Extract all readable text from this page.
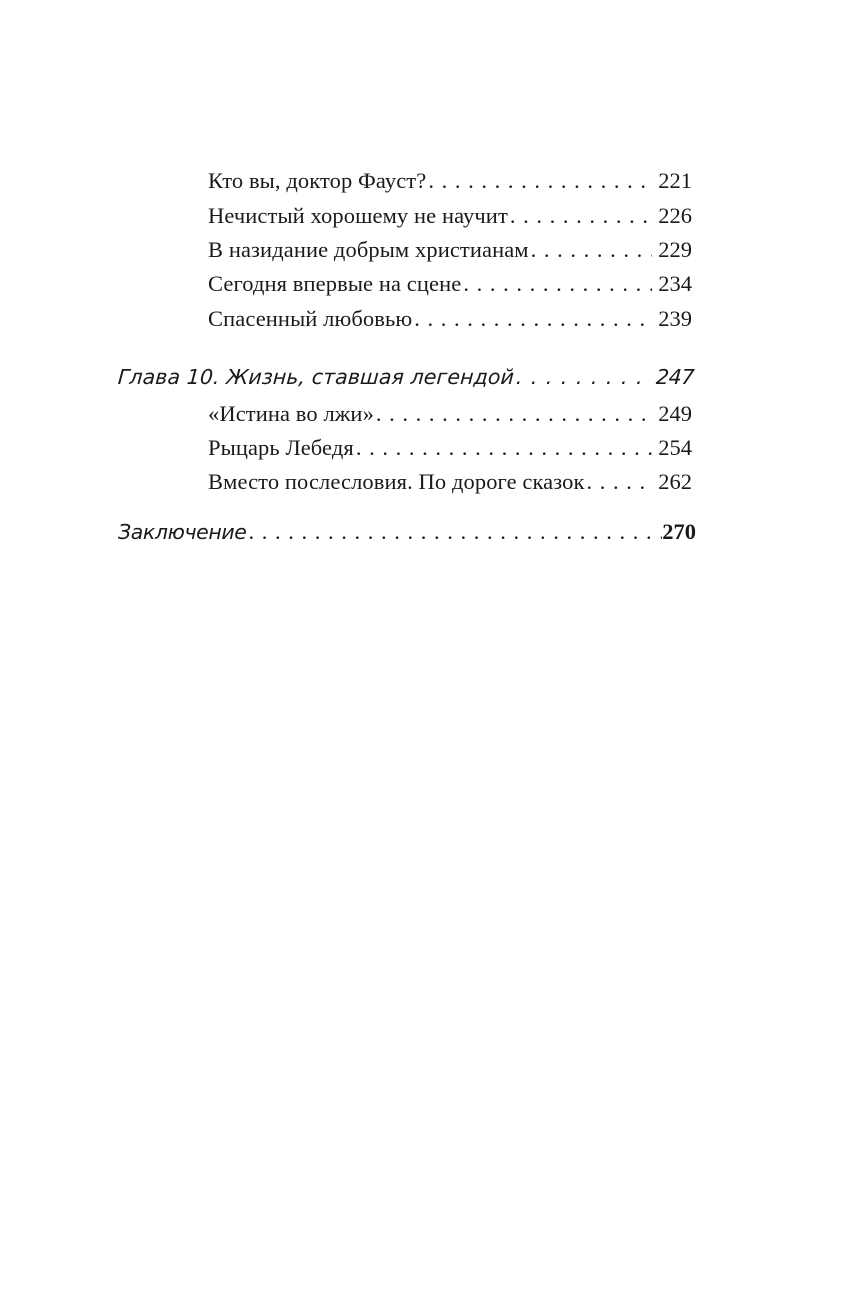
Кто вы, доктор Фауст? . . .	221
Нечистый хорошему не научит . . .	226
В назидание добрым христианам . . .	229
Сегодня впервые на сцене . . .	234
Спасенный любовью . . .	239
Глава 10. Жизнь, ставшая легендой . . .	247
«Истина во лжи» . . .	249
Рыцарь Лебедя . . .	254
Вместо послесловия. По дороге сказок . . .	262
Заключение . . .	270
